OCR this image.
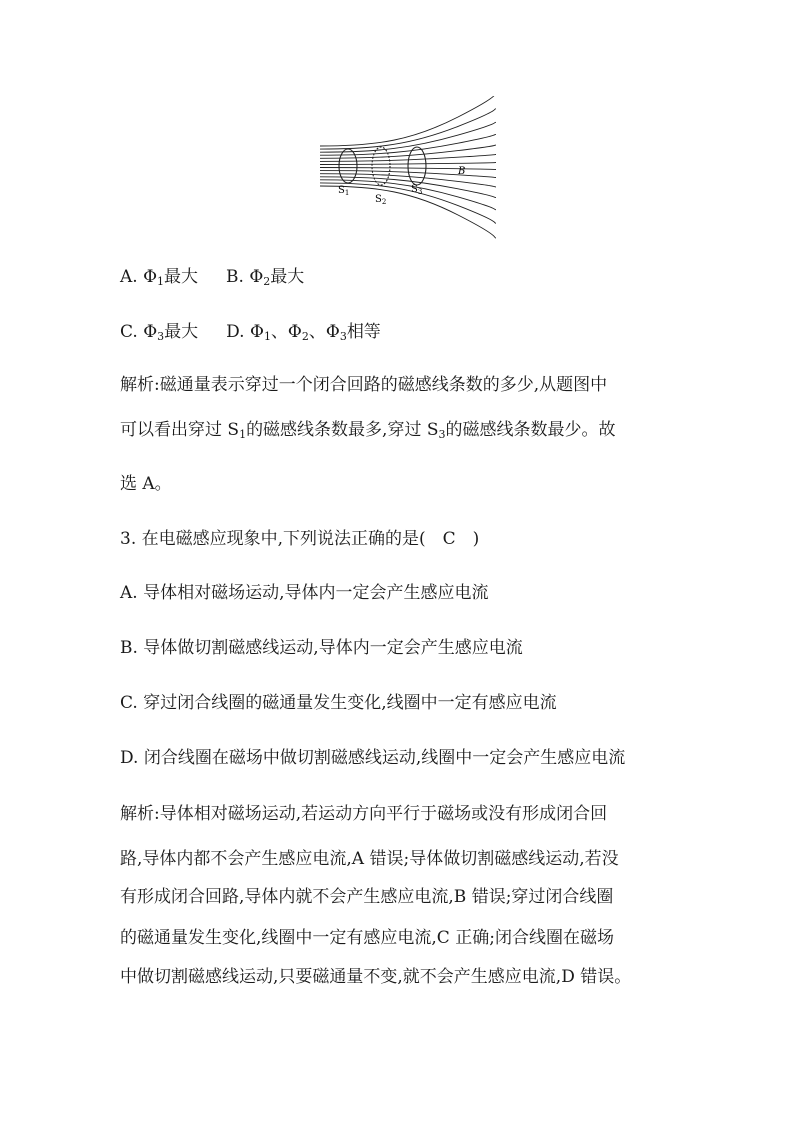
$S_1$
$S_2$
$S_3$
B
A. $\Phi_1$最大 B. $\Phi_2$最大
C. $\Phi_3$最大 D. $\Phi_1$、$\Phi_2$、$\Phi_3$相等
解析:磁通量表示穿过一个闭合回路的磁感线条数的多少,从题图中
可以看出穿过 $S_1$的磁感线条数最多,穿过 $S_3$的磁感线条数最少。故
选 A。
3. 在电磁感应现象中,下列说法正确的是(　C　)
A. 导体相对磁场运动,导体内一定会产生感应电流
B. 导体做切割磁感线运动,导体内一定会产生感应电流
C. 穿过闭合线圈的磁通量发生变化,线圈中一定有感应电流
D. 闭合线圈在磁场中做切割磁感线运动,线圈中一定会产生感应电流
解析:导体相对磁场运动,若运动方向平行于磁场或没有形成闭合回
路,导体内都不会产生感应电流,A 错误;导体做切割磁感线运动,若没
有形成闭合回路,导体内就不会产生感应电流,B 错误;穿过闭合线圈
的磁通量发生变化,线圈中一定有感应电流,C 正确;闭合线圈在磁场
中做切割磁感线运动,只要磁通量不变,就不会产生感应电流,D 错误。
